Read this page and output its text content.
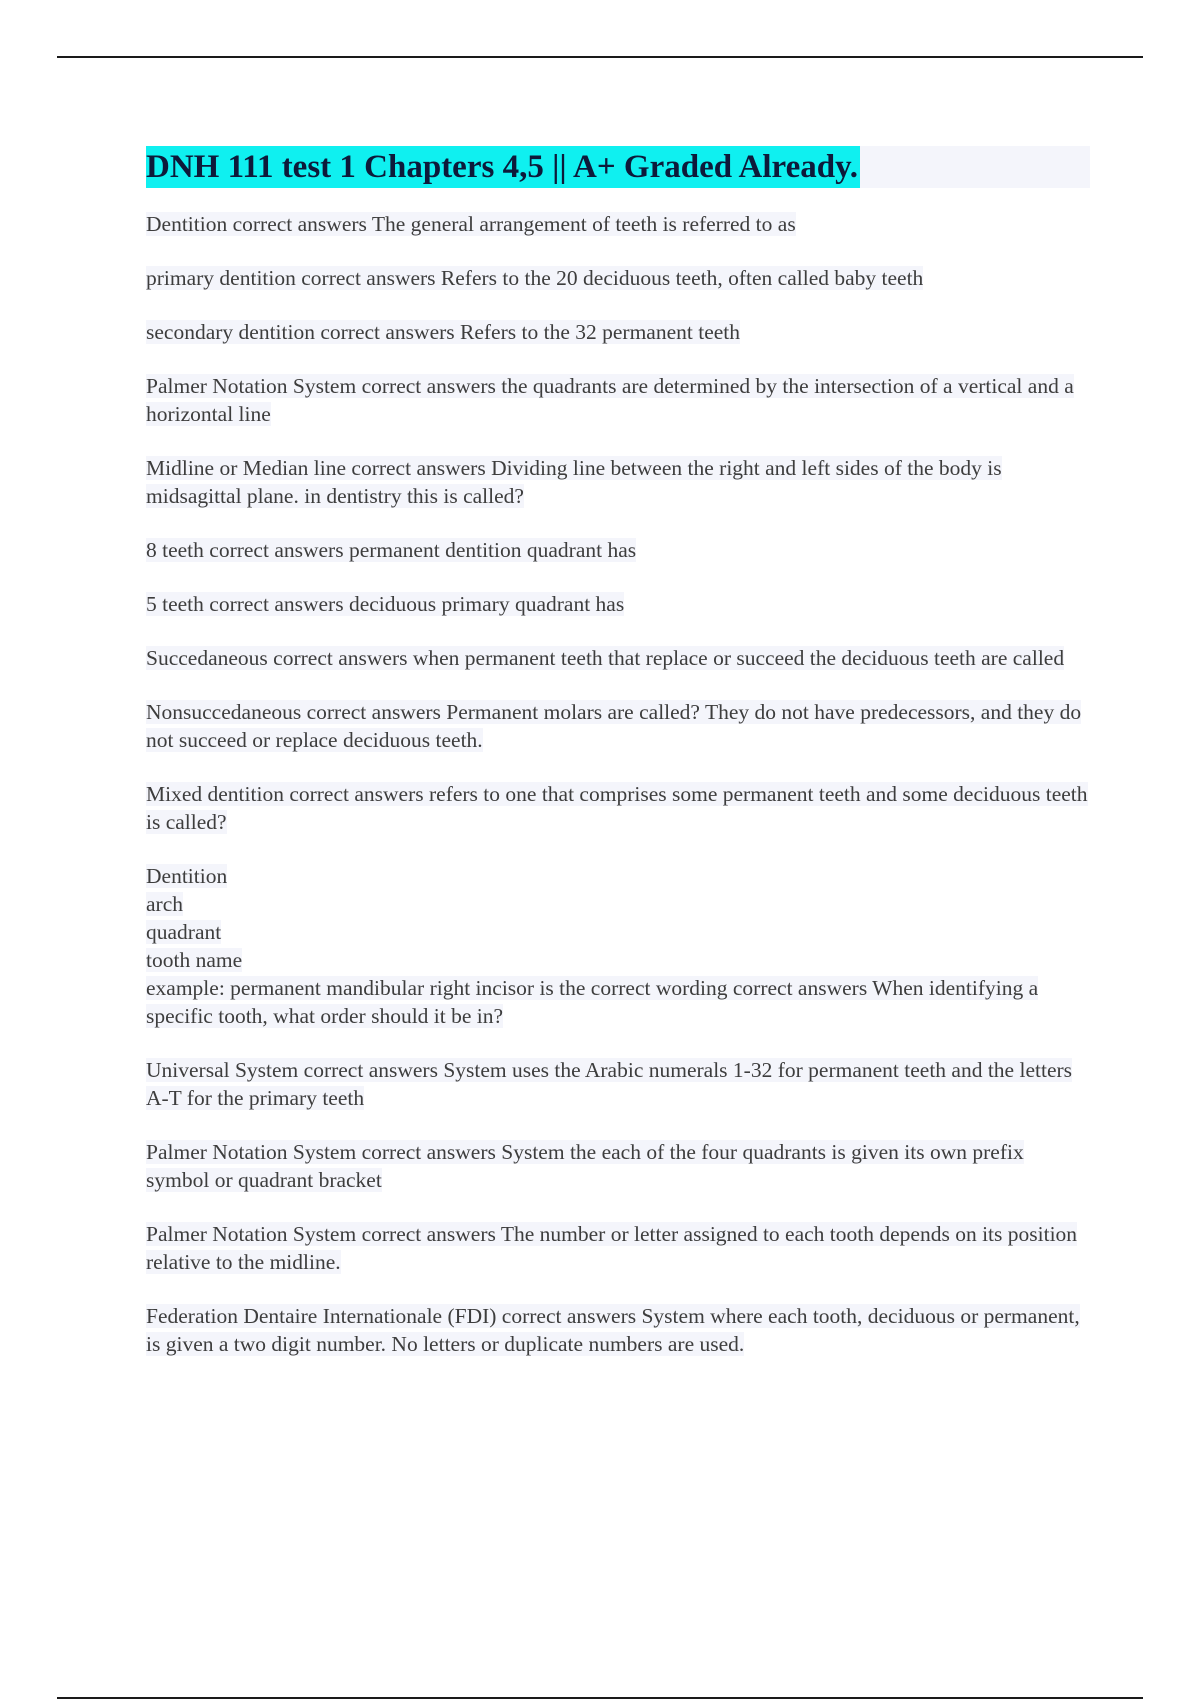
DNH 111 test 1 Chapters 4,5 || A+ Graded Already.

Dentition correct answers The general arrangement of teeth is referred to as

primary dentition correct answers Refers to the 20 deciduous teeth, often called baby teeth

secondary dentition correct answers Refers to the 32 permanent teeth

Palmer Notation System correct answers the quadrants are determined by the intersection of a vertical and a horizontal line

Midline or Median line correct answers Dividing line between the right and left sides of the body is midsagittal plane. in dentistry this is called?

8 teeth correct answers permanent dentition quadrant has

5 teeth correct answers deciduous primary quadrant has

Succedaneous correct answers when permanent teeth that replace or succeed the deciduous teeth are called

Nonsuccedaneous correct answers Permanent molars are called? They do not have predecessors, and they do not succeed or replace deciduous teeth.

Mixed dentition correct answers refers to one that comprises some permanent teeth and some deciduous teeth is called?

Dentition
arch
quadrant
tooth name
example: permanent mandibular right incisor is the correct wording correct answers When identifying a specific tooth, what order should it be in?

Universal System correct answers System uses the Arabic numerals 1-32 for permanent teeth and the letters A-T for the primary teeth

Palmer Notation System correct answers System the each of the four quadrants is given its own prefix symbol or quadrant bracket

Palmer Notation System correct answers The number or letter assigned to each tooth depends on its position relative to the midline.

Federation Dentaire Internationale (FDI) correct answers System where each tooth, deciduous or permanent, is given a two digit number. No letters or duplicate numbers are used.
